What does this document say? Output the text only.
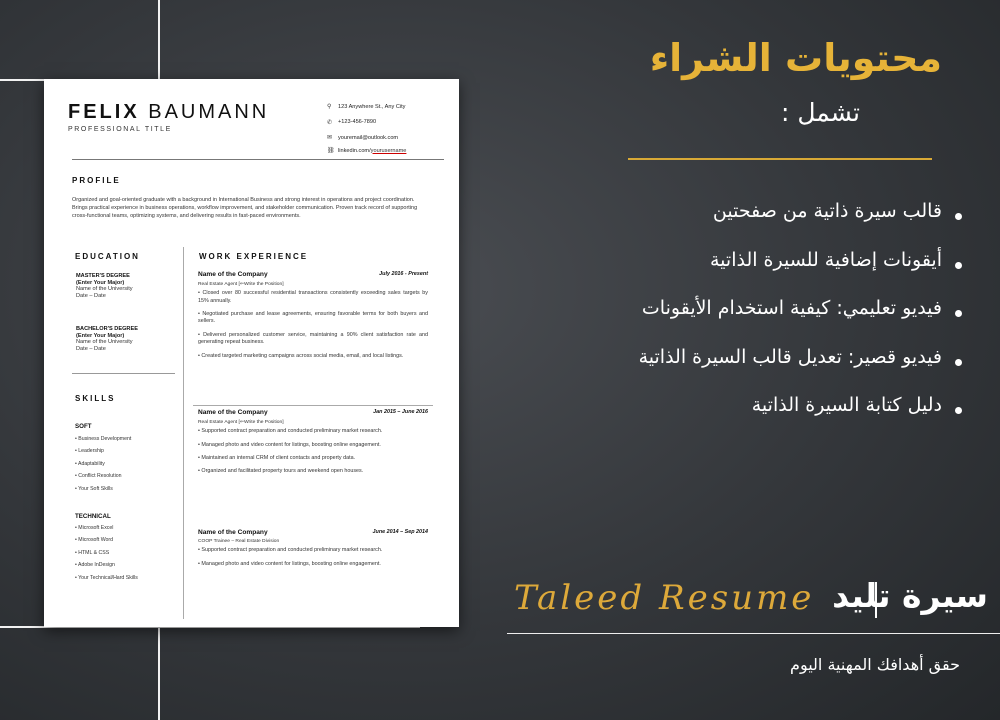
FELIX BAUMANN
PROFESSIONAL TITLE
⚲	123 Anywhere St., Any City
✆	+123-456-7890
✉	youremail@outlook.com
⛓ linkedin.com/ yourusername
PROFILE
Organized and goal-oriented graduate with a background in International Business and strong interest in operations and project coordination. Brings practical experience in business operations, workflow improvement, and stakeholder communication. Proven track record of supporting cross-functional teams, optimizing systems, and delivering results in fast-paced environments.
EDUCATION
MASTER'S DEGREE
(Enter Your Major)
Name of the University
Date – Date
BACHELOR'S DEGREE
(Enter Your Major)
Name of the University
Date – Date
SKILLS
SOFT
• Business Development
• Leadership
• Adaptability
• Conflict Resolution
• Your Soft Skills
TECHNICAL
• Microsoft Excel
• Microsoft Word
• HTML & CSS
• Adobe InDesign
• Your Technical/Hard Skills
WORK EXPERIENCE
Name of the Company	July 2016 - Present
Real Estate Agent [⇐Write the Position]
• Closed over 80 successful residential transactions consistently exceeding sales targets by 15% annually.
• Negotiated purchase and lease agreements, ensuring favorable terms for both buyers and sellers.
• Delivered personalized customer service, maintaining a 90% client satisfaction rate and generating repeat business.
• Created targeted marketing campaigns across social media, email, and local listings.
Name of the Company	Jan 2015 – June 2016
Real Estate Agent [⇐Write the Position]
• Supported contract preparation and conducted preliminary market research.
• Managed photo and video content for listings, boosting online engagement.
• Maintained an internal CRM of client contacts and property data.
• Organized and facilitated property tours and weekend open houses.
Name of the Company	June 2014 – Sep 2014
COOP Trainee – Real Estate Division
• Supported contract preparation and conducted preliminary market research.
• Managed photo and video content for listings, boosting online engagement.
محتويات الشراء
تشمل :
قالب سيرة ذاتية من صفحتين
أيقونات إضافية للسيرة الذاتية
فيديو تعليمي: كيفية استخدام الأيقونات
فيديو قصير: تعديل قالب السيرة الذاتية
دليل كتابة السيرة الذاتية
Taleed Resume سيرة تليد
حقق أهدافك المهنية اليوم
